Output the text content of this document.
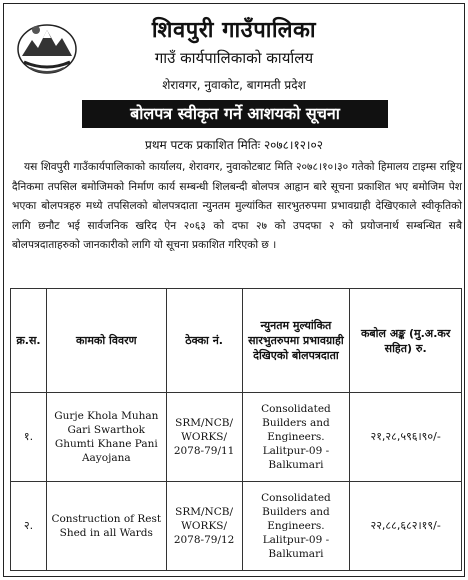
शिवपुरी गाउँपालिका
गाउँ कार्यपालिकाको कार्यालय
शेरावगर, नुवाकोट, बागमती प्रदेश
बोलपत्र स्वीकृत गर्ने आशयको सूचना
प्रथम पटक प्रकाशित मितिः २०७८।१२।०२
यस शिवपुरी गाउँकार्यपालिकाको कार्यालय, शेरावगर, नुवाकोटबाट मिति २०७८।१०।३० गतेको हिमालय टाइम्स राष्ट्रिय दैनिकमा तपसिल बमोजिमको निर्माण कार्य सम्बन्धी शिलबन्दी बोलपत्र आहृान बारे सूचना प्रकाशित भए बमोजिम पेश भएका बोलपत्रहरु मध्ये तपसिलको बोलपत्रदाता न्युनतम मुल्यांकित सारभुतरुपमा प्रभावग्राही देखिएकाले स्वीकृतिको लागि छनौट भई सार्वजनिक खरिद ऐन २०६३ को दफा २७ को उपदफा २ को प्रयोजनार्थ सम्बन्धित सबै बोलपत्रदाताहरुको जानकारीको लागि यो सूचना प्रकाशित गरिएको छ ।
क्र.स.	कामको विवरण	ठेक्का नं.	न्युनतम मुल्यांकित सारभुतरुपमा प्रभावग्राही देखिएको बोलपत्रदाता	कबोल अङ्क (मु.अ.कर सहित) रु.
१.	Gurje Khola Muhan Gari Swarthok Ghumti Khane Pani Aayojana	SRM/NCB/ WORKS/ 2078-79/11	Consolidated Builders and Engineers. Lalitpur-09 - Balkumari	२१,२८,५९६।९०/-
२.	Construction of Rest Shed in all Wards	SRM/NCB/ WORKS/ 2078-79/12	Consolidated Builders and Engineers. Lalitpur-09 - Balkumari	२२,८८,६८२।१९/-
